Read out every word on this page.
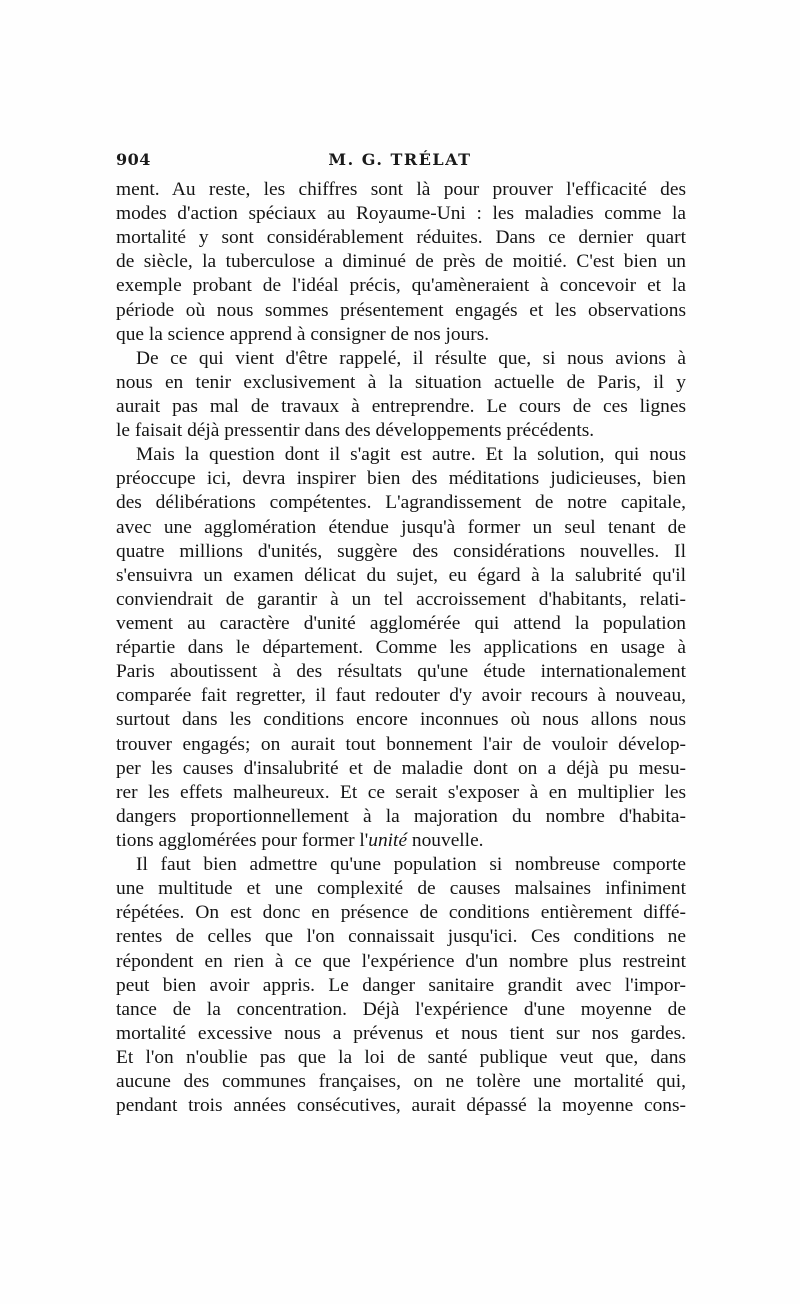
904	M. G. TRÉLAT
ment. Au reste, les chiffres sont là pour prouver l'efficacité des
modes d'action spéciaux au Royaume-Uni : les maladies comme la
mortalité y sont considérablement réduites. Dans ce dernier quart
de siècle, la tuberculose a diminué de près de moitié. C'est bien un
exemple probant de l'idéal précis, qu'amèneraient à concevoir et la
période où nous sommes présentement engagés et les observations
que la science apprend à consigner de nos jours.
De ce qui vient d'être rappelé, il résulte que, si nous avions à
nous en tenir exclusivement à la situation actuelle de Paris, il y
aurait pas mal de travaux à entreprendre. Le cours de ces lignes
le faisait déjà pressentir dans des développements précédents.
Mais la question dont il s'agit est autre. Et la solution, qui nous
préoccupe ici, devra inspirer bien des méditations judicieuses, bien
des délibérations compétentes. L'agrandissement de notre capitale,
avec une agglomération étendue jusqu'à former un seul tenant de
quatre millions d'unités, suggère des considérations nouvelles. Il
s'ensuivra un examen délicat du sujet, eu égard à la salubrité qu'il
conviendrait de garantir à un tel accroissement d'habitants, relati-
vement au caractère d'unité agglomérée qui attend la population
répartie dans le département. Comme les applications en usage à
Paris aboutissent à des résultats qu'une étude internationalement
comparée fait regretter, il faut redouter d'y avoir recours à nouveau,
surtout dans les conditions encore inconnues où nous allons nous
trouver engagés; on aurait tout bonnement l'air de vouloir dévelop-
per les causes d'insalubrité et de maladie dont on a déjà pu mesu-
rer les effets malheureux. Et ce serait s'exposer à en multiplier les
dangers proportionnellement à la majoration du nombre d'habita-
tions agglomérées pour former l'unité nouvelle.
Il faut bien admettre qu'une population si nombreuse comporte
une multitude et une complexité de causes malsaines infiniment
répétées. On est donc en présence de conditions entièrement diffé-
rentes de celles que l'on connaissait jusqu'ici. Ces conditions ne
répondent en rien à ce que l'expérience d'un nombre plus restreint
peut bien avoir appris. Le danger sanitaire grandit avec l'impor-
tance de la concentration. Déjà l'expérience d'une moyenne de
mortalité excessive nous a prévenus et nous tient sur nos gardes.
Et l'on n'oublie pas que la loi de santé publique veut que, dans
aucune des communes françaises, on ne tolère une mortalité qui,
pendant trois années consécutives, aurait dépassé la moyenne cons-
